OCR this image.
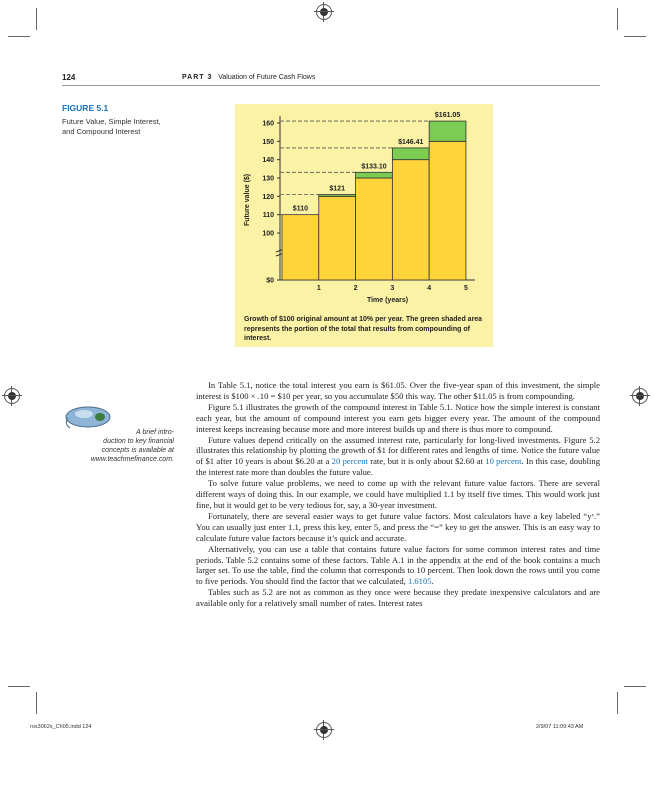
124	PART 3 Valuation of Future Cash Flows
FIGURE 5.1
Future Value, Simple Interest, and Compound Interest
$0
100
110
120
130
140
150
160
Future value ($)	$110
1
$121
2
$133.10
3
$146.41
4
$161.05
5
Time (years)
Growth of $100 original amount at 10% per year. The green shaded area represents the portion of the total that results from compounding of interest.
A brief intro-
duction to key financial
concepts is available at
www.teachmefinance.com.

In Table 5.1, notice the total interest you earn is $61.05. Over the five-year span of this investment, the simple interest is $100 × .10 = $10 per year, so you accumulate $50 this way. The other $11.05 is from compounding.

Figure 5.1 illustrates the growth of the compound interest in Table 5.1. Notice how the simple interest is constant each year, but the amount of compound interest you earn gets bigger every year. The amount of the compound interest keeps increasing because more and more interest builds up and there is thus more to compound.

Future values depend critically on the assumed interest rate, particularly for long-lived investments. Figure 5.2 illustrates this relationship by plotting the growth of $1 for different rates and lengths of time. Notice the future value of $1 after 10 years is about $6.20 at a 20 percent rate, but it is only about $2.60 at 10 percent. In this case, doubling the interest rate more than doubles the future value.

To solve future value problems, we need to come up with the relevant future value factors. There are several different ways of doing this. In our example, we could have multiplied 1.1 by itself five times. This would work just fine, but it would get to be very tedious for, say, a 30-year investment.

Fortunately, there are several easier ways to get future value factors. Most calculators have a key labeled “yˣ.” You can usually just enter 1.1, press this key, enter 5, and press the “=” key to get the answer. This is an easy way to calculate future value factors because it’s quick and accurate.

Alternatively, you can use a table that contains future value factors for some common interest rates and time periods. Table 5.2 contains some of these factors. Table A.1 in the appendix at the end of the book contains a much larger set. To use the table, find the column that corresponds to 10 percent. Then look down the rows until you come to five periods. You should find the factor that we calculated, 1.6105.

Tables such as 5.2 are not as common as they once were because they predate inexpensive calculators and are available only for a relatively small number of rates. Interest rates

ros3062x_Ch05.indd 124	2/9/07 11:09:43 AM
